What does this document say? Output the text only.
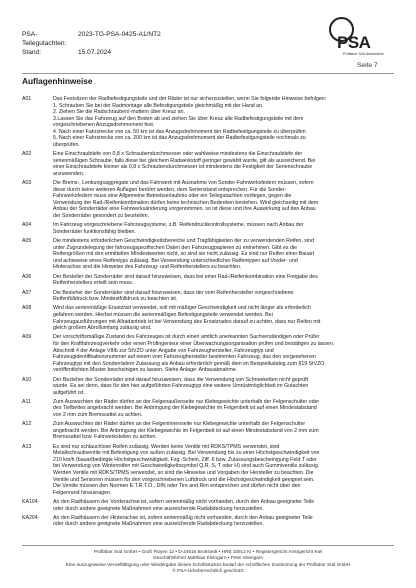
PSA-Teilegutachten:
2023-TG-PSA-0425-A1/NT2
Stand:	15.07.2024
PSA
Prüflabor Süd Automotive
Seite 7
Auflagenhinweise
A01	Das Festsitzen der Radbefestigungsteile und der Räder ist nur sicherzustellen, wenn Sie folgende Hinweise befolgen:
1. Schrauben Sie bei der Radmontage alle Befestigungsteile gleichmäßig mit der Hand an.
2. Ziehen Sie die Radschrauben/-muttern über Kreuz an.
3.Lassen Sie das Fahrzeug auf den Boden ab und ziehen Sie über Kreuz alle Radbefestigungsteile mit dem
vorgeschriebenen Anzugsdrehmoment fest.
4. Nach einer Fahrstrecke von ca. 50 km ist das Anzugsdrehmoment der Radbefestigungsteile zu überprüfen
5. Nach einer Fahrstrecke von ca. 200 km ist das Anzugsdrehmoment der Radbefestigungsteile nochmals zu
überprüfen.
A02	Eine Einschraubtiefe von 0,8 x Schraubendurchmesser oder wahlweise mindestens die Einschraubtiefe der
serienmäßigen Schraube, falls diese bei gleichem Radwerkstoff geringer gewählt wurde, gilt als ausreichend. Bei
einer Einschraubtiefe kleiner als 0,8 x Schraubendurchmesser ist mindestens die Festigkeit der Serienschraube
anzuwenden.
A03	Die Brems-, Lenkungsaggregate und das Fahrwerk mit Ausnahme von Sonder-Fahrwerksfedern müssen, sofern
diese durch keine weiteren Auflagen berührt werden, dem Serienstand entsprechen. Für die Sonder-
Fahrwerksfedern muss eine Allgemeine Betriebserlaubnis oder ein Teilegutachten vorliegen, gegen die
Verwendung der Rad-/Reifenkombination dürfen keine technischen Bedenken bestehen. Wird gleichzeitig mit dem
Anbau der Sonderräder eine Fahrwerksänderung vorgenommen, so ist diese und ihre Auswirkung auf den Anbau
der Sonderräder gesondert zu beurteilen.
A04	Im Fahrzeug vorgeschriebene Fahrzeugsysteme, z.B. Reifendruckkontrollsysteme, müssen nach Anbau der
Sonderräder funktionsfähig bleiben.
A05	Die mindestens erforderlichen Geschwindigkeitsbereiche und Tragfähigkeiten der zu verwendenden Reifen, sind
unter Zugrundelegung der fahrzeugspezifischen Daten den Fahrzeugpapieren zu entnehmen. Gibt es die
Reifengrößen mit den ermittelten Mindestwerten nicht, so sind sie nicht zulässig. Es sind nur Reifen einer Bauart
und achsweise eines Reifentyps zulässig. Bei Verwendung unterschiedlicher Reifentypen auf Vorder- und
Hinterachse sind die Hinweise des Fahrzeug- und Reifenherstellers zu beachten.
A06	Der Besteller der Sonderräder sind darauf hinzuweisen, dass bei einer Rad-/Reifenkombination eine Freigabe des
Reifenherstellers erteilt sein muss.
A07	Die Bezieher der Sonderräder sind darauf hinzuweisen, dass der vom Reifenhersteller vorgeschriebene
Reifenfülldruck bzw. Mindestfülldruck zu beachten ist.
A08	Wird das serienmäßige Ersatzrad verwendet, soll mit mäßiger Geschwindigkeit und nicht länger als erforderlich
gefahren werden. Hierbei müssen die serienmäßigen Befestigungsteile verwendet werden. Bei
Fahrzeugausführungen mit Allradantrieb ist bei Verwendung des Ersatzrades darauf zu achten, dass nur Reifen mit
gleich großem Abrollumfang zulässig sind.
A09	Der vorschriftsmäßige Zustand des Fahrzeuges ist durch einen amtlich anerkannten Sachverständigen oder Prüfer
für den Kraftfahrzeugverkehr oder einen Prüfingenieur einer Überwachungsorganisation prüfen und bestätigen zu lassen.
Abschnitt 4 der Anlage VIIIb zur StVZO unter Angabe von Fahrzeughersteller, Fahrzeugtyp und
Fahrzeugidentifikationsnummer auf einem vom Fahrzeughersteller bestimmten Fahrzeug, das den vorgesehenen
Fahrzeugtyp mit den Sonderrädern Zulassung als Anbau erforderlich gemäß dem im Beispielkatalog zum §19 StVZO
veröffentlichten Muster bescheinigen zu lassen. Siehe Anlage: Anbauabnahme.
A10	Der Bezieher der Sonderräder sind darauf hinzuweisen, dass die Verwendung von Schneeketten nicht geprüft
wurde. Es sei denn, dass für den hier aufgeführten Fahrzeugtyp eine weitere Umrüstmöglichkeit im Gutachten
aufgeführt ist.
A11	Zum Auswuchten der Räder dürfen an der Felgenaußenseite nur Klebegewichte unterhalb der Felgenschulter oder
des Tiefbettes angebracht werden. Bei Anbringung der Klebegewichte im Felgenbett ist auf einen Mindestabstand
von 2 mm zum Bremssattel zu achten.
A12	Zum Auswuchten der Räder dürfen an der Felgeninnenseite nur Klebegewichte unterhalb der Felgenschulter
angebracht werden. Bei Anbringung der Klebegewichte im Felgenbett ist auf einen Mindestabstand von 2 mm zum
Bremssattel bzw. Fahrwerksteilen zu achten.
A13	Es sind nur schlauchlose Reifen zulässig. Werden keine Ventile mit RDKS/TPMS verwendet, sind
Metallschraubventile mit Befestigung von außen zulässig. Bei Verwendung bis zu einer Höchstgeschwindigkeit von
210 km/h (bauartbedingte Höchstgeschwindigkeit, Fzg.-Schein, Ziff. 6 bzw. Zulassungsbescheinigung Feld T oder
bei Verwendung von Winterreifen mit Geschwindigkeitssymbol Q,R, S, T oder H) sind auch Gummiventile zulässig.
Werden Ventile mit RDKS/TPMS verwendet, so sind die Hinweise und Vorgaben der Hersteller zu beachten. Die
Ventile und Sensoren müssen für den vorgeschriebenen Luftdruck und die Höchstgeschwindigkeit geeignet sein.
Die Ventile müssen den Normen E.T.R.T.O., DIN oder Tire and Rim entsprechen und dürfen nicht über den
Felgenrand hinausragen.
KA104	An den Radhäusern der Vorderachse ist, sofern serienmäßig nicht vorhanden, durch den Anbau geeigneter Teile
oder durch andere geeignete Maßnahmen eine ausreichende Radabdeckung herzustellen.
KA204	An den Radhäusern der Hinterachse ist, sofern serienmäßig nicht vorhanden, durch den Anbau geeigneter Teile
oder durch andere geeignete Maßnahmen eine ausreichende Radabdeckung herzustellen.
Prüflabor Süd GmbH • Groß Floyen 12 • D-24616 Brokstedt • HRB 10912 KI • Registergericht Amtsgericht Kiel
Geschäftsführer Matthias Kleingarn • Peter Kleingarn
Eine auszugsweise Vervielfältigung oder Wiedergabe dieses Schriftstückes bedarf der schriftlichen Zustimmung der Prüflabor Süd GmbH
© PSA-Urheberrechtlich geschützt
